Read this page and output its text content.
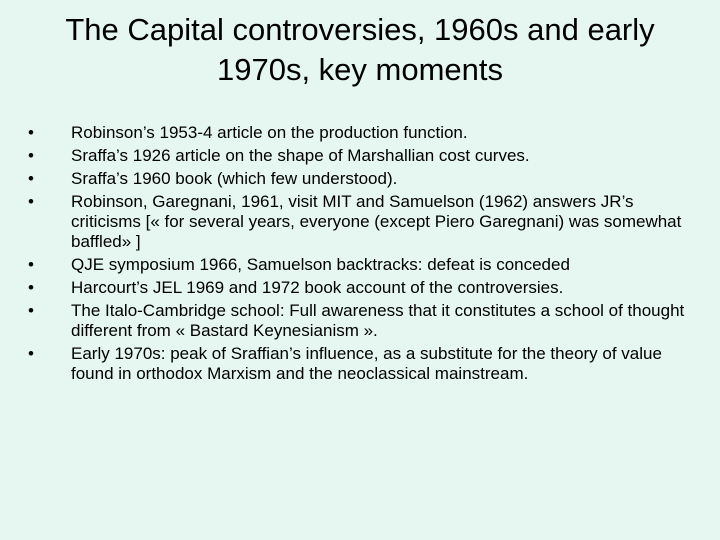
The Capital controversies, 1960s and early 1970s, key moments
•	Robinson’s 1953-4 article on the production function.
•	Sraffa’s 1926 article on the shape of Marshallian cost curves.
•	Sraffa’s 1960 book (which few understood).
•	Robinson, Garegnani, 1961, visit MIT and Samuelson (1962) answers JR’s criticisms [« for several years, everyone (except Piero Garegnani) was somewhat baffled» ]
•	QJE symposium 1966, Samuelson backtracks: defeat is conceded
•	Harcourt’s JEL 1969 and 1972 book account of the controversies.
•	The Italo-Cambridge school: Full awareness that it constitutes a school of thought different from « Bastard Keynesianism ».
•	Early 1970s: peak of Sraffian’s influence, as a substitute for the theory of value found in orthodox Marxism and the neoclassical mainstream.
